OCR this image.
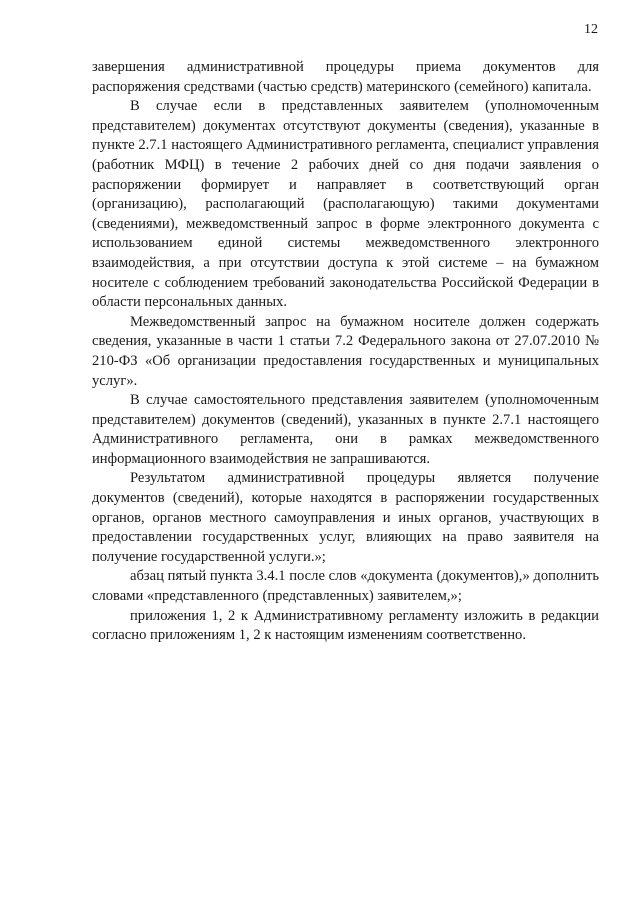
12

завершения административной процедуры приема документов для распоряжения средствами (частью средств) материнского (семейного) капитала.

В случае если в представленных заявителем (уполномоченным представителем) документах отсутствуют документы (сведения), указанные в пункте 2.7.1 настоящего Административного регламента, специалист управления (работник МФЦ) в течение 2 рабочих дней со дня подачи заявления о распоряжении формирует и направляет в соответствующий орган (организацию), располагающий (располагающую) такими документами (сведениями), межведомственный запрос в форме электронного документа с использованием единой системы межведомственного электронного взаимодействия, а при отсутствии доступа к этой системе – на бумажном носителе с соблюдением требований законодательства Российской Федерации в области персональных данных.

Межведомственный запрос на бумажном носителе должен содержать сведения, указанные в части 1 статьи 7.2 Федерального закона от 27.07.2010 № 210-ФЗ «Об организации предоставления государственных и муниципальных услуг».

В случае самостоятельного представления заявителем (уполномоченным представителем) документов (сведений), указанных в пункте 2.7.1 настоящего Административного регламента, они в рамках межведомственного информационного взаимодействия не запрашиваются.

Результатом административной процедуры является получение документов (сведений), которые находятся в распоряжении государственных органов, органов местного самоуправления и иных органов, участвующих в предоставлении государственных услуг, влияющих на право заявителя на получение государственной услуги.»;

абзац пятый пункта 3.4.1 после слов «документа (документов),» дополнить словами «представленного (представленных) заявителем,»;

приложения 1, 2 к Административному регламенту изложить в редакции согласно приложениям 1, 2 к настоящим изменениям соответственно.
